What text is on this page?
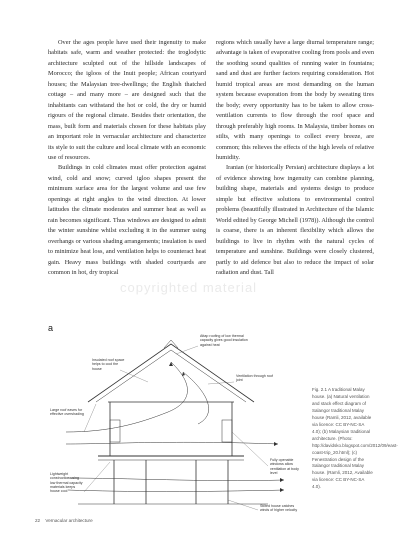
Over the ages people have used their ingenuity to make habitats safe, warm and weather protected: the troglodytic architecture sculpted out of the hillside landscapes of Morocco; the igloos of the Inuit people; African courtyard houses; the Malaysian tree-dwellings; the English thatched cottage – and many more – are designed such that the inhabitants can withstand the hot or cold, the dry or humid rigours of the regional climate. Besides their orientation, the mass, built form and materials chosen for these habitats play an important role in vernacular architecture and characterize its style to suit the culture and local climate with an economic use of resources.

Buildings in cold climates must offer protection against wind, cold and snow; curved igloo shapes present the minimum surface area for the largest volume and use few openings at right angles to the wind direction. At lower latitudes the climate moderates and summer heat as well as rain becomes significant. Thus windows are designed to admit the winter sunshine whilst excluding it in the summer using overhangs or various shading arrangements; insulation is used to minimize heat loss, and ventilation helps to counteract heat gain. Heavy mass buildings with shaded courtyards are common in hot, dry tropical

regions which usually have a large diurnal temperature range; advantage is taken of evaporative cooling from pools and even the soothing sound qualities of running water in fountains; sand and dust are further factors requiring consideration. Hot humid tropical areas are most demanding on the human system because evaporation from the body by sweating tires the body; every opportunity has to be taken to allow cross-ventilation currents to flow through the roof space and through preferably high rooms. In Malaysia, timber homes on stilts, with many openings to collect every breeze, are common; this relieves the effects of the high levels of relative humidity.

Iranian (or historically Persian) architecture displays a lot of evidence showing how ingenuity can combine planning, building shape, materials and systems design to produce simple but effective solutions to environmental control problems (beautifully illustrated in Architecture of the Islamic World edited by George Michell (1978)). Although the control is coarse, there is an inherent flexibility which allows the buildings to live in rhythm with the natural cycles of temperature and sunshine. Buildings were closely clustered, partly to aid defence but also to reduce the impact of solar radiation and dust. Tall

copyrighted material
a
Attap roofing of low thermal capacity gives good insulation against heat
Insulated roof space helps to cool the house
Ventilation through roof joint
Large roof eaves for effective overshading
Fully openable windows allow ventilation at body level
Lightweight construction using low thermal capacity materials keeps house cool
Stilted house catches winds of higher velocity
Fig. 2.1 A traditional Malay house. (a) Natural ventilation and stack effect diagram of Salangor traditional Malay house (Ramli, 2012, available via licence: CC BY-NC-SA 4.0); (b) Malaysian traditional architecture. (Photo: http://davidsko.blogspot.com/2012/09/east-coast-trip_20.html); (c) Fenestration design of the Salangor traditional Malay house. (Ramli, 2012, Available via licence: CC BY-NC-SA 4.0).
22 Vernacular architecture
